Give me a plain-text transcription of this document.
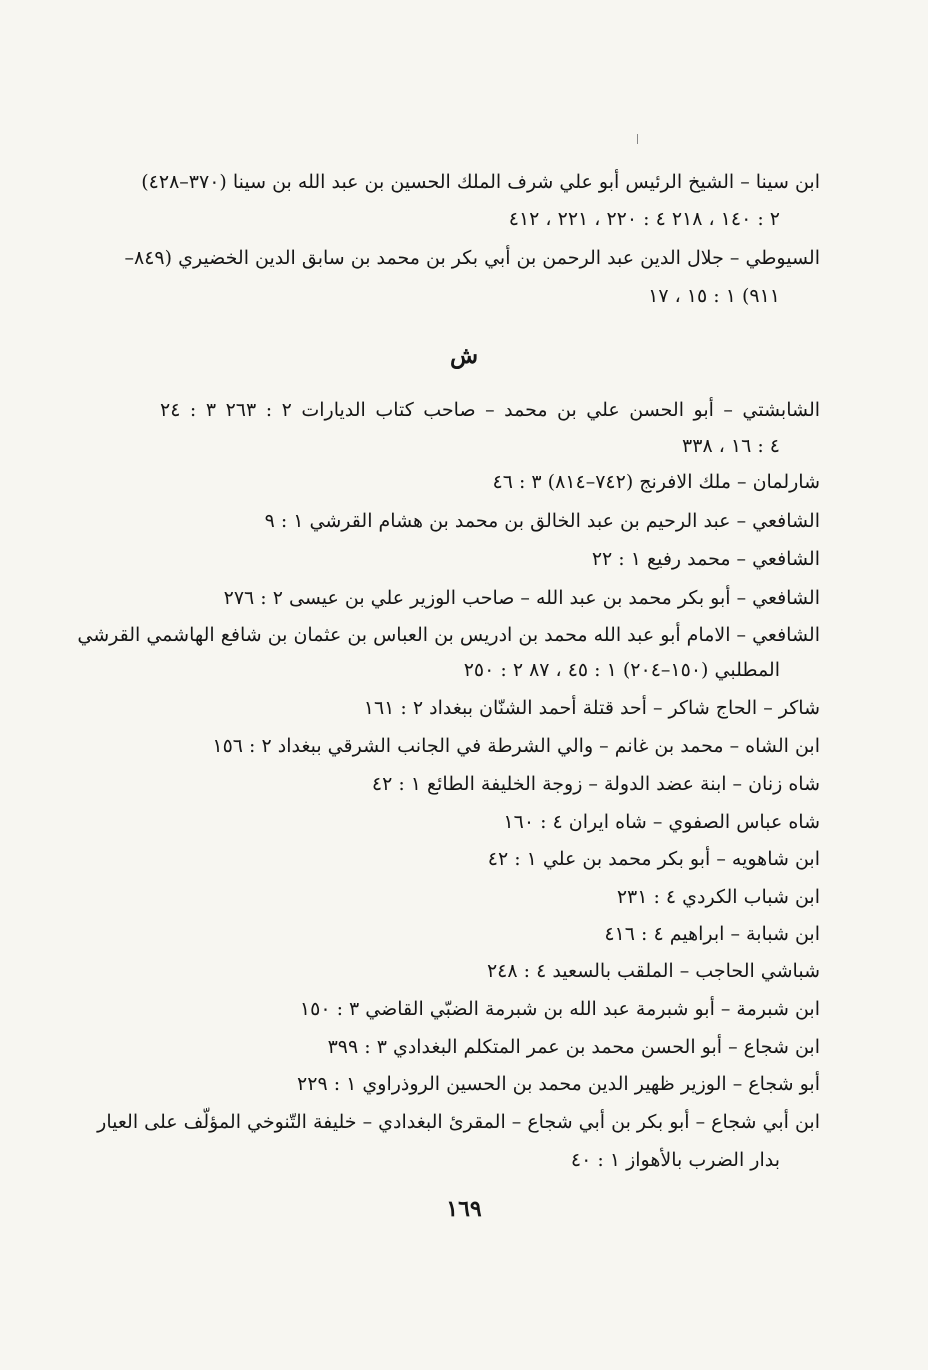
ابن سينا – الشيخ الرئيس أبو علي شرف الملك الحسين بن عبد الله بن سينا (٣٧٠–٤٢٨)
٢ : ١٤٠ ، ٢١٨ ٤ : ٢٢٠ ، ٢٢١ ، ٤١٢
السيوطي – جلال الدين عبد الرحمن بن أبي بكر بن محمد بن سابق الدين الخضيري (٨٤٩–
٩١١) ١ : ١٥ ، ١٧
ش
الشابشتي – أبو الحسن علي بن محمد – صاحب كتاب الديارات ٢ : ٢٦٣ ٣ : ٢٤
٤ : ١٦ ، ٣٣٨
شارلمان – ملك الافرنج (٧٤٢–٨١٤) ٣ : ٤٦
الشافعي – عبد الرحيم بن عبد الخالق بن محمد بن هشام القرشي ١ : ٩
الشافعي – محمد رفيع ١ : ٢٢
الشافعي – أبو بكر محمد بن عبد الله – صاحب الوزير علي بن عيسى ٢ : ٢٧٦
الشافعي – الامام أبو عبد الله محمد بن ادريس بن العباس بن عثمان بن شافع الهاشمي القرشي
المطلبي (١٥٠–٢٠٤) ١ : ٤٥ ، ٨٧ ٢ : ٢٥٠
شاكر – الحاج شاكر – أحد قتلة أحمد الشنّان ببغداد ٢ : ١٦١
ابن الشاه – محمد بن غانم – والي الشرطة في الجانب الشرقي ببغداد ٢ : ١٥٦
شاه زنان – ابنة عضد الدولة – زوجة الخليفة الطائع ١ : ٤٢
شاه عباس الصفوي – شاه ايران ٤ : ١٦٠
ابن شاهويه – أبو بكر محمد بن علي ١ : ٤٢
ابن شباب الكردي ٤ : ٢٣١
ابن شبابة – ابراهيم ٤ : ٤١٦
شباشي الحاجب – الملقب بالسعيد ٤ : ٢٤٨
ابن شبرمة – أبو شبرمة عبد الله بن شبرمة الضبّي القاضي ٣ : ١٥٠
ابن شجاع – أبو الحسن محمد بن عمر المتكلم البغدادي ٣ : ٣٩٩
أبو شجاع – الوزير ظهير الدين محمد بن الحسين الروذراوي ١ : ٢٢٩
ابن أبي شجاع – أبو بكر بن أبي شجاع – المقرئ البغدادي – خليفة التّنوخي المؤلّف على العيار
بدار الضرب بالأهواز ١ : ٤٠
١٦٩
